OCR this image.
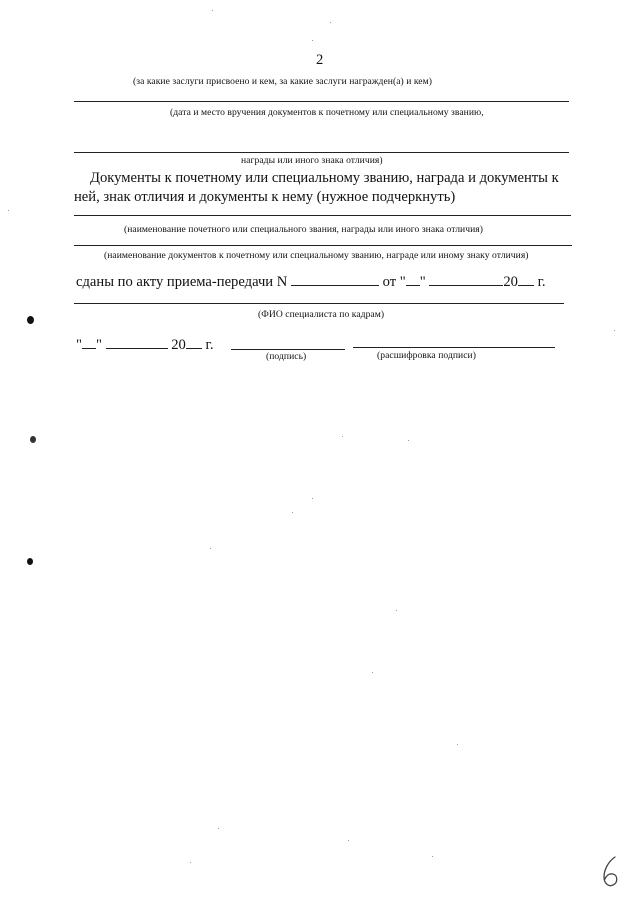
2
(за какие заслуги присвоено и кем, за какие заслуги награжден(а) и кем)
(дата и место вручения документов к почетному или специальному званию,
награды или иного знака отличия)
Документы к почетному или специальному званию, награда и документы к
ней, знак отличия и документы к нему (нужное подчеркнуть)
(наименование почетного или специального звания, награды или иного знака отличия)
(наименование документов к почетному или специальному званию, награде или иному знаку отличия)
сданы по акту приема-передачи N	от " "	20 г.
(ФИО специалиста по кадрам)
" "	20 г.
(подпись)	(расшифровка подписи)
